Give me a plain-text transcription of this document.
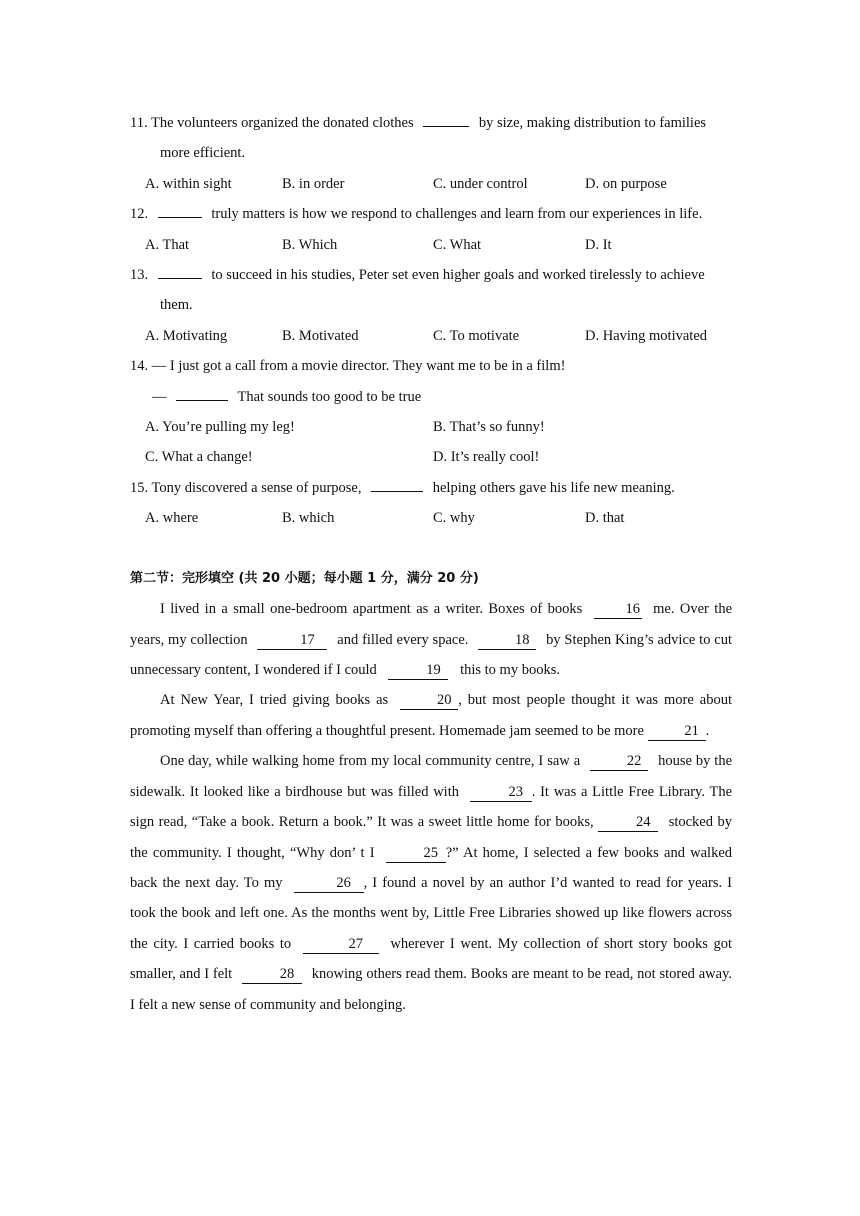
11. The volunteers organized the donated clothes	by size, making distribution to families
more efficient.
A. within sight	B. in order	C. under control	D. on purpose
12.	truly matters is how we respond to challenges and learn from our experiences in life.
A. That	B. Which	C. What	D. It
13.	to succeed in his studies, Peter set even higher goals and worked tirelessly to achieve
them.
A. Motivating	B. Motivated	C. To motivate	D. Having motivated
14. — I just got a call from a movie director. They want me to be in a film!
—	That sounds too good to be true
A. You’re pulling my leg!	B. That’s so funny!
C. What a change!	D. It’s really cool!
15. Tony discovered a sense of purpose,	helping others gave his life new meaning.
A. where	B. which	C. why	D. that
第二节：完形填空 (共 20 小题；每小题 1 分，满分 20 分)

I lived in a small one-bedroom apartment as a writer. Boxes of books	16 me. Over the years, my collection	17 and filled every space.	18 by Stephen King’s advice to cut unnecessary content, I wondered if I could	19 this to my books.

At New Year, I tried giving books as	20 , but most people thought it was more about promoting myself than offering a thoughtful present. Homemade jam seemed to be more	21 .

One day, while walking home from my local community centre, I saw a	22 house by the sidewalk. It looked like a birdhouse but was filled with	23 . It was a Little Free Library. The sign read, “Take a book. Return a book.” It was a sweet little home for books,	24 stocked by the community. I thought, “Why don’ t I	25 ?” At home, I selected a few books and walked back the next day. To my	26 , I found a novel by an author I’d wanted to read for years. I took the book and left one. As the months went by, Little Free Libraries showed up like flowers across the city. I carried books to	27 wherever I went. My collection of short story books got smaller, and I felt	28 knowing others read them. Books are meant to be read, not stored away. I felt a new sense of community and belonging.
